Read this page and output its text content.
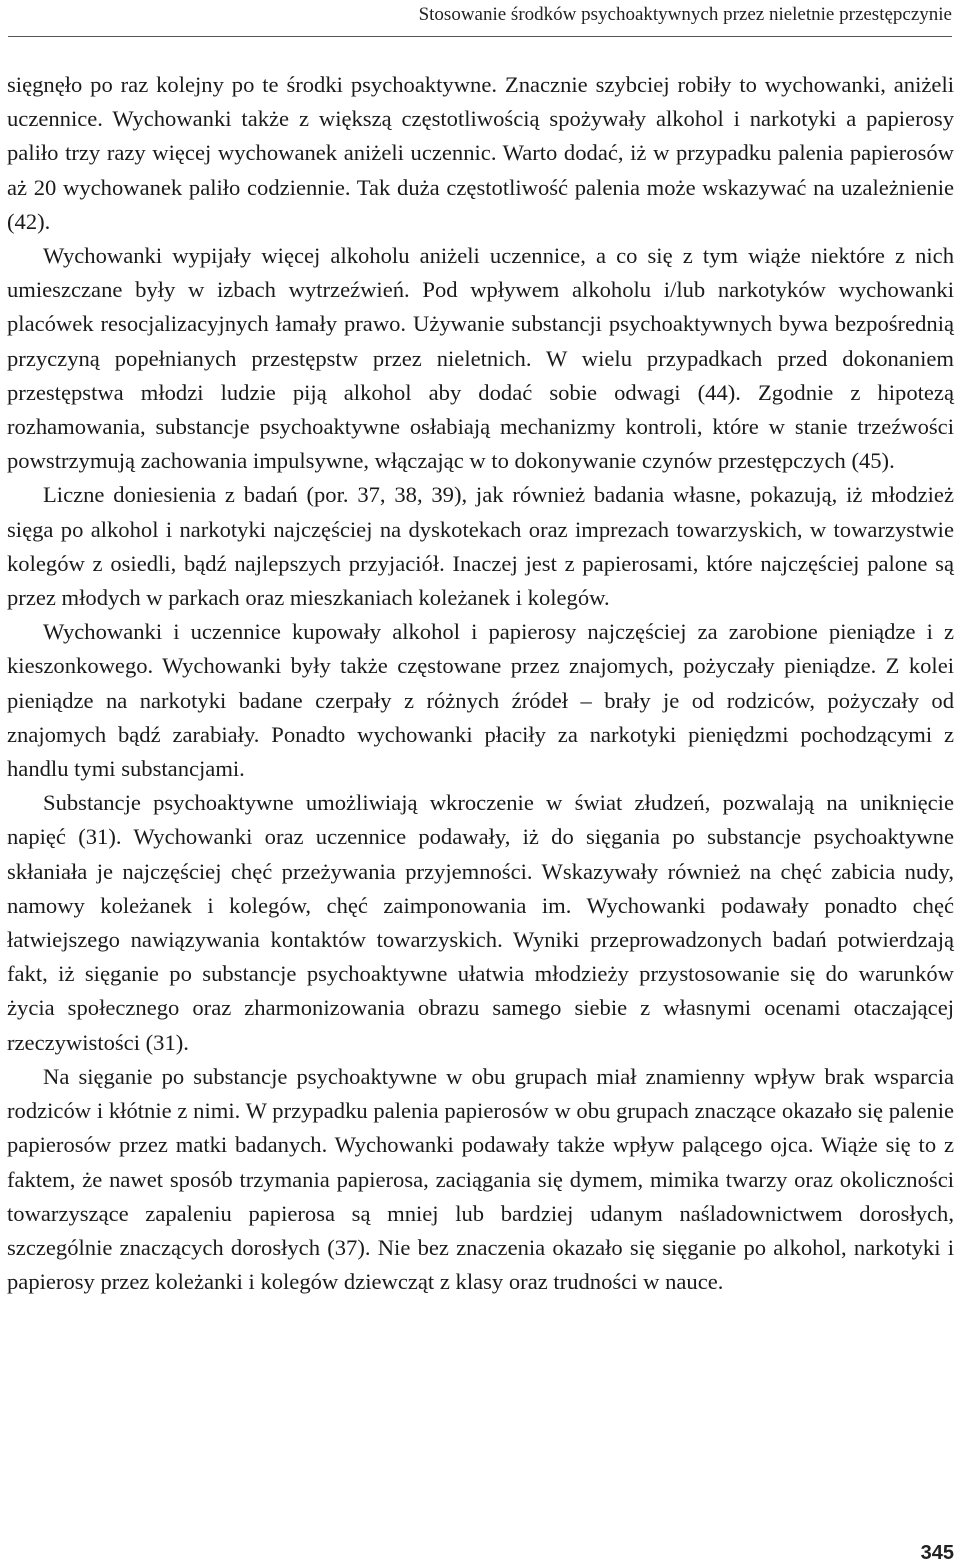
Stosowanie środków psychoaktywnych przez nieletnie przestępczynie

sięgnęło po raz kolejny po te środki psychoaktywne. Znacznie szybciej robiły to wychowanki, aniżeli uczennice. Wychowanki także z większą częstotliwością spożywały alkohol i narkotyki a papierosy paliło trzy razy więcej wychowanek aniżeli uczennic. Warto dodać, iż w przypadku palenia papierosów aż 20 wychowanek paliło codziennie. Tak duża częstotliwość palenia może wskazywać na uzależnienie (42).

Wychowanki wypijały więcej alkoholu aniżeli uczennice, a co się z tym wiąże niektóre z nich umieszczane były w izbach wytrzeźwień. Pod wpływem alkoholu i/lub narkotyków wychowanki placówek resocjalizacyjnych łamały prawo. Używanie substancji psychoaktywnych bywa bezpośrednią przyczyną popełnianych przestępstw przez nieletnich. W wielu przypadkach przed dokonaniem przestępstwa młodzi ludzie piją alkohol aby dodać sobie odwagi (44). Zgodnie z hipotezą rozhamowania, substancje psychoaktywne osłabiają mechanizmy kontroli, które w stanie trzeźwości powstrzymują zachowania impulsywne, włączając w to dokonywanie czynów przestępczych (45).

Liczne doniesienia z badań (por. 37, 38, 39), jak również badania własne, pokazują, iż młodzież sięga po alkohol i narkotyki najczęściej na dyskotekach oraz imprezach towarzyskich, w towarzystwie kolegów z osiedli, bądź najlepszych przyjaciół. Inaczej jest z papierosami, które najczęściej palone są przez młodych w parkach oraz mieszkaniach koleżanek i kolegów.

Wychowanki i uczennice kupowały alkohol i papierosy najczęściej za zarobione pieniądze i z kieszonkowego. Wychowanki były także częstowane przez znajomych, pożyczały pieniądze. Z kolei pieniądze na narkotyki badane czerpały z różnych źródeł – brały je od rodziców, pożyczały od znajomych bądź zarabiały. Ponadto wychowanki płaciły za narkotyki pieniędzmi pochodzącymi z handlu tymi substancjami.

Substancje psychoaktywne umożliwiają wkroczenie w świat złudzeń, pozwalają na uniknięcie napięć (31). Wychowanki oraz uczennice podawały, iż do sięgania po substancje psychoaktywne skłaniała je najczęściej chęć przeżywania przyjemności. Wskazywały również na chęć zabicia nudy, namowy koleżanek i kolegów, chęć zaimponowania im. Wychowanki podawały ponadto chęć łatwiejszego nawiązywania kontaktów towarzyskich. Wyniki przeprowadzonych badań potwierdzają fakt, iż sięganie po substancje psychoaktywne ułatwia młodzieży przystosowanie się do warunków życia społecznego oraz zharmonizowania obrazu samego siebie z własnymi ocenami otaczającej rzeczywistości (31).

Na sięganie po substancje psychoaktywne w obu grupach miał znamienny wpływ brak wsparcia rodziców i kłótnie z nimi. W przypadku palenia papierosów w obu grupach znaczące okazało się palenie papierosów przez matki badanych. Wychowanki podawały także wpływ palącego ojca. Wiąże się to z faktem, że nawet sposób trzymania papierosa, zaciągania się dymem, mimika twarzy oraz okoliczności towarzyszące zapaleniu papierosa są mniej lub bardziej udanym naśladownictwem dorosłych, szczególnie znaczących dorosłych (37). Nie bez znaczenia okazało się sięganie po alkohol, narkotyki i papierosy przez koleżanki i kolegów dziewcząt z klasy oraz trudności w nauce.

345
